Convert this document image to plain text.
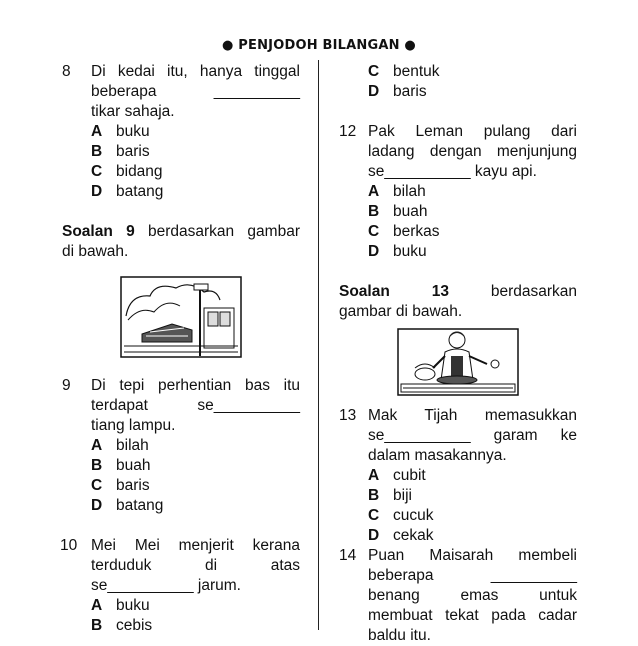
● PENJODOH BILANGAN ●
8 Di kedai itu, hanya tinggal
beberapa __________
tikar sahaja.
A buku
B baris
C bidang
D batang
Soalan 9 berdasarkan gambar
di bawah.
9 Di tepi perhentian bas itu
terdapat se__________
tiang lampu.
A bilah
B buah
C baris
D batang
10 Mei Mei menjerit kerana
terduduk di atas
se__________ jarum.
A buku
B cebis
C bentuk
D baris
12 Pak Leman pulang dari
ladang dengan menjunjung
se__________ kayu api.
A bilah
B buah
C berkas
D buku
Soalan 13 berdasarkan
gambar di bawah.
13 Mak Tijah memasukkan
se__________ garam ke
dalam masakannya.
A cubit
B biji
C cucuk
D cekak
14 Puan Maisarah membeli
beberapa __________
benang emas untuk
membuat tekat pada cadar
baldu itu.
